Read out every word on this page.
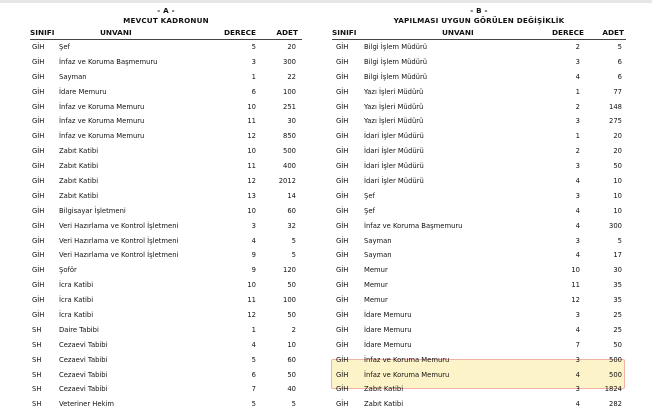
- A -
MEVCUT KADRONUN
SINIFI	UNVANI	DERECE	ADET
GİH Şef	5	20
GİH İnfaz ve Koruma Başmemuru	3	300
GİH Sayman	1	22
GİH İdare Memuru	6	100
GİH İnfaz ve Koruma Memuru	10	251
GİH İnfaz ve Koruma Memuru	11	30
GİH İnfaz ve Koruma Memuru	12	850
GİH Zabıt Katibi	10	500
GİH Zabıt Katibi	11	400
GİH Zabıt Katibi	12	2012
GİH Zabıt Katibi	13	14
GİH Bilgisayar İşletmeni	10	60
GİH Veri Hazırlama ve Kontrol İşletmeni	3	32
GİH Veri Hazırlama ve Kontrol İşletmeni	4	5
GİH Veri Hazırlama ve Kontrol İşletmeni	9	5
GİH Şoför	9	120
GİH İcra Katibi	10	50
GİH İcra Katibi	11	100
GİH İcra Katibi	12	50
SH	Daire Tabibi	1	2
SH	Cezaevi Tabibi	4	10
SH	Cezaevi Tabibi	5	60
SH	Cezaevi Tabibi	6	50
SH	Cezaevi Tabibi	7	40
SH	Veteriner Hekim	5	5
- B -
YAPILMASI UYGUN GÖRÜLEN DEĞİŞİKLİK
SINIFI	UNVANI	DERECE	ADET
GİH Bilgi İşlem Müdürü	2	5
GİH Bilgi İşlem Müdürü	3	6
GİH Bilgi İşlem Müdürü	4	6
GİH Yazı İşleri Müdürü	1	77
GİH Yazı İşleri Müdürü	2	148
GİH Yazı İşleri Müdürü	3	275
GİH İdari İşler Müdürü	1	20
GİH İdari İşler Müdürü	2	20
GİH İdari İşler Müdürü	3	50
GİH İdari İşler Müdürü	4	10
GİH Şef	3	10
GİH Şef	4	10
GİH İnfaz ve Koruma Başmemuru	4	300
GİH Sayman	3	5
GİH Sayman	4	17
GİH Memur	10	30
GİH Memur	11	35
GİH Memur	12	35
GİH İdare Memuru	3	25
GİH İdare Memuru	4	25
GİH İdare Memuru	7	50
GİH İnfaz ve Koruma Memuru	3	500
GİH İnfaz ve Koruma Memuru	4	500
GİH Zabıt Katibi	3	1824
GİH Zabıt Katibi	4	282
